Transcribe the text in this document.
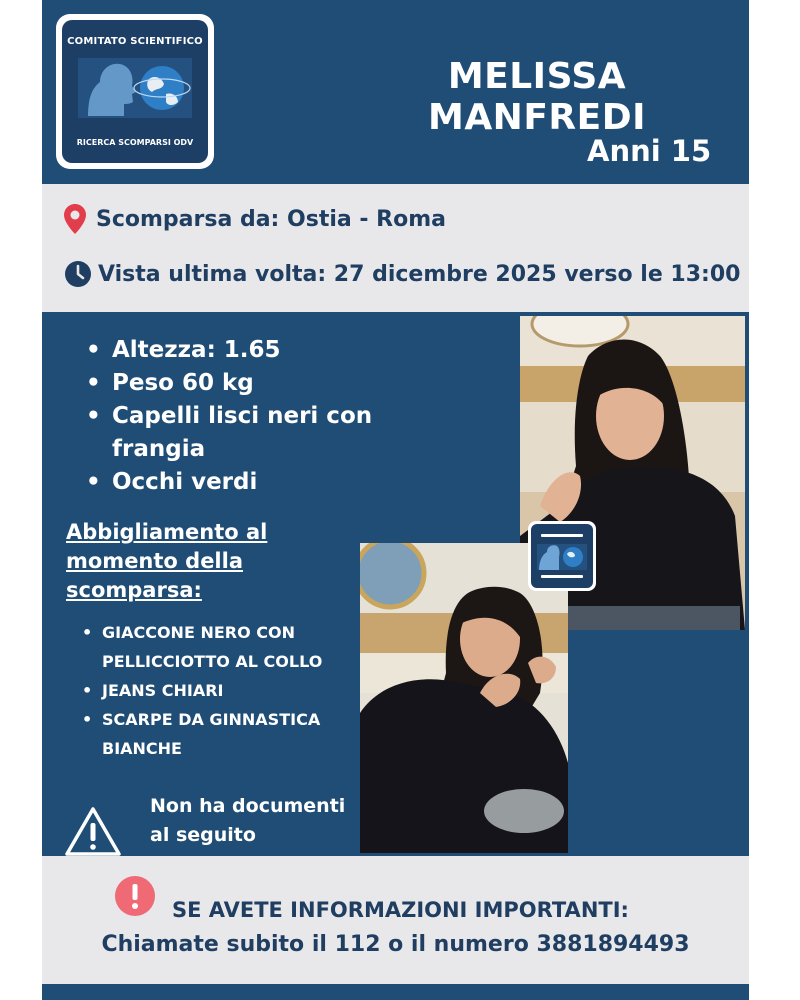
COMITATO SCIENTIFICO
RICERCA SCOMPARSI ODV
MELISSA MANFREDI
Anni 15
Scomparsa da: Ostia - Roma
Vista ultima volta: 27 dicembre 2025 verso le 13:00
• Altezza: 1.65
• Peso 60 kg
• Capelli lisci neri con frangia
• Occhi verdi
Abbigliamento al momento della scomparsa:
• GIACCONE NERO CON PELLICCIOTTO AL COLLO
• JEANS CHIARI
• SCARPE DA GINNASTICA BIANCHE
Non ha documenti al seguito
SE AVETE INFORMAZIONI IMPORTANTI:
Chiamate subito il 112 o il numero 3881894493
